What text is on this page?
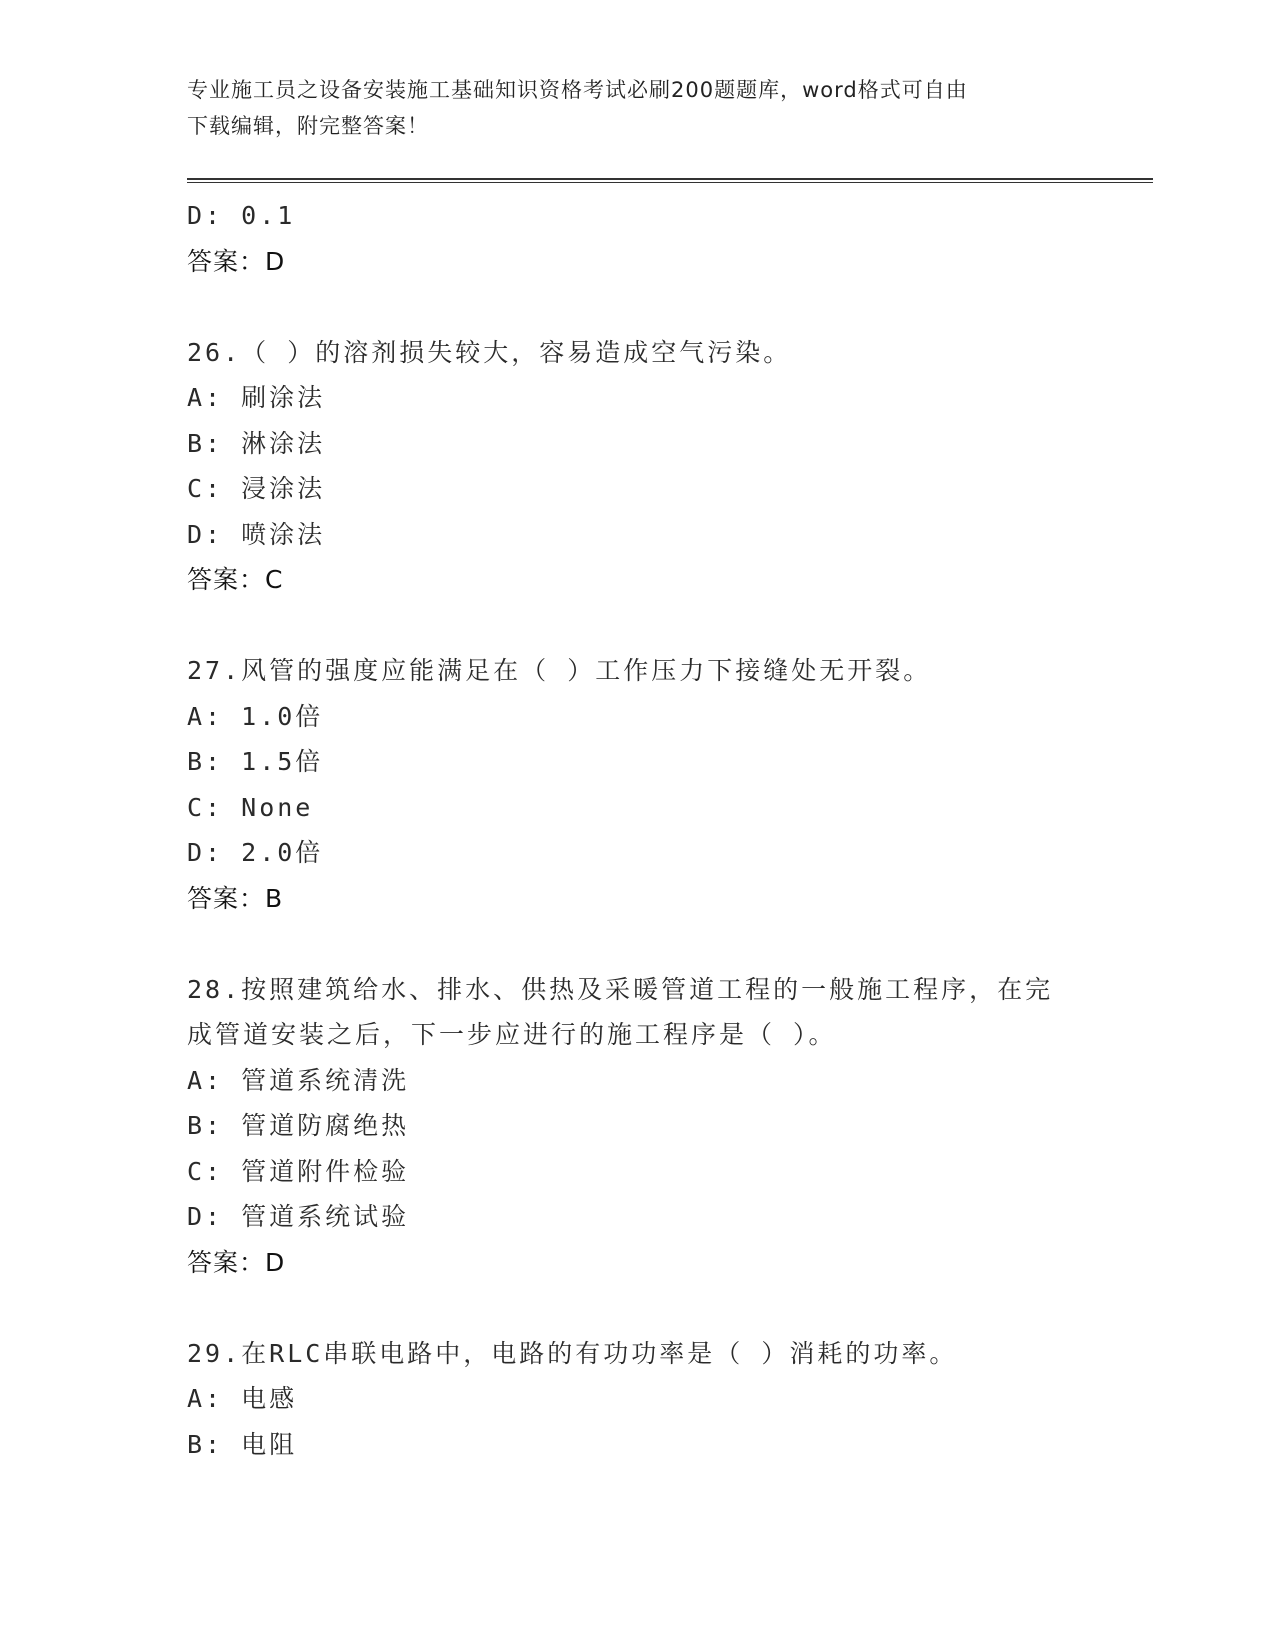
专业施工员之设备安装施工基础知识资格考试必刷200题题库，word格式可自由
下载编辑，附完整答案！
D: 0.1
答案：D
26.（ ）的溶剂损失较大，容易造成空气污染。
A: 刷涂法
B: 淋涂法
C: 浸涂法
D: 喷涂法
答案：C
27.风管的强度应能满足在（ ）工作压力下接缝处无开裂。
A: 1.0倍
B: 1.5倍
C: None
D: 2.0倍
答案：B
28.按照建筑给水、排水、供热及采暖管道工程的一般施工程序，在完
成管道安装之后，下一步应进行的施工程序是（ ）。
A: 管道系统清洗
B: 管道防腐绝热
C: 管道附件检验
D: 管道系统试验
答案：D
29.在RLC串联电路中，电路的有功功率是（ ）消耗的功率。
A: 电感
B: 电阻
